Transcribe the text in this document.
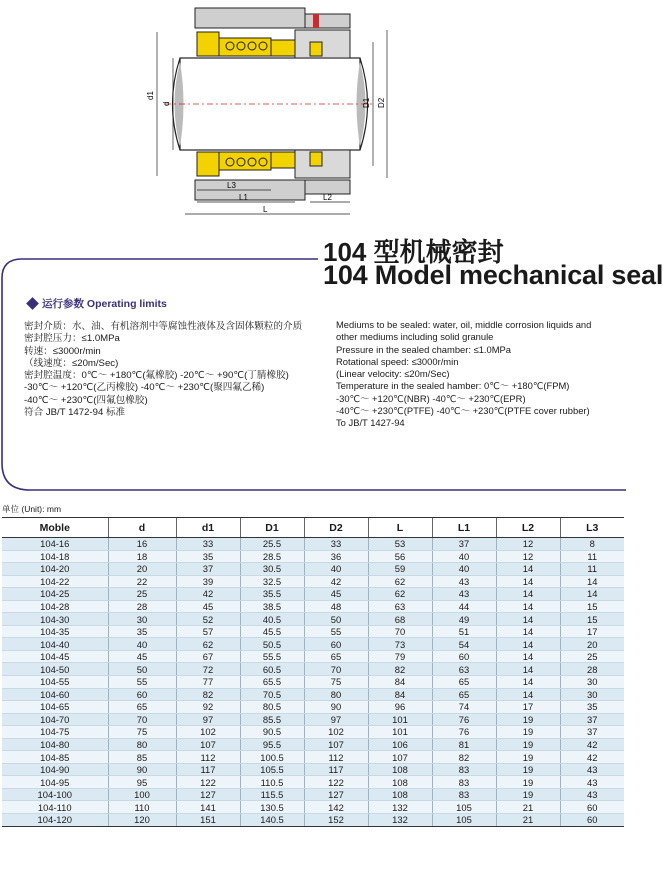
d1
d	D1 D2
L3
L1	L2
L
104 型机械密封
104 Model mechanical seal
运行参数 Operating limits
密封介质：水、油、有机溶剂中等腐蚀性液体及含固体颗粒的介质
密封腔压力：≤1.0MPa
转速：≤3000r/min
（线速度：≤20m/Sec)
密封腔温度：0℃～ +180℃(氟橡胶) -20℃～ +90℃(丁腈橡胶)
-30℃～ +120℃(乙丙橡胶) -40℃～ +230℃(聚四氟乙稀)
-40℃～ +230℃(四氟包橡胶)
符合 JB/T 1472-94 标准
Mediums to be sealed: water, oil, middle corrosion liquids and
other mediums including solid granule
Pressure in the sealed chamber: ≤1.0MPa
Rotational speed: ≤3000r/min
(Linear velocity: ≤20m/Sec)
Temperature in the sealed hamber: 0℃～ +180℃(FPM)
-30℃～ +120℃(NBR) -40℃～ +230℃(EPR)
-40℃～ +230℃(PTFE) -40℃～ +230℃(PTFE cover rubber)
To JB/T 1427-94
单位 (Unit): mm
Moble	d	d1	D1	D2	L	L1	L2	L3
104-16	16	33	25.5	33	53	37	12	8
104-18	18	35	28.5	36	56	40	12	11
104-20	20	37	30.5	40	59	40	14	11
104-22	22	39	32.5	42	62	43	14	14
104-25	25	42	35.5	45	62	43	14	14
104-28	28	45	38.5	48	63	44	14	15
104-30	30	52	40.5	50	68	49	14	15
104-35	35	57	45.5	55	70	51	14	17
104-40	40	62	50.5	60	73	54	14	20
104-45	45	67	55.5	65	79	60	14	25
104-50	50	72	60.5	70	82	63	14	28
104-55	55	77	65.5	75	84	65	14	30
104-60	60	82	70.5	80	84	65	14	30
104-65	65	92	80.5	90	96	74	17	35
104-70	70	97	85.5	97	101	76	19	37
104-75	75	102	90.5	102	101	76	19	37
104-80	80	107	95.5	107	106	81	19	42
104-85	85	112	100.5	112	107	82	19	42
104-90	90	117	105.5	117	108	83	19	43
104-95	95	122	110.5	122	108	83	19	43
104-100	100	127	115.5	127	108	83	19	43
104-110	110	141	130.5	142	132	105	21	60
104-120	120	151	140.5	152	132	105	21	60
